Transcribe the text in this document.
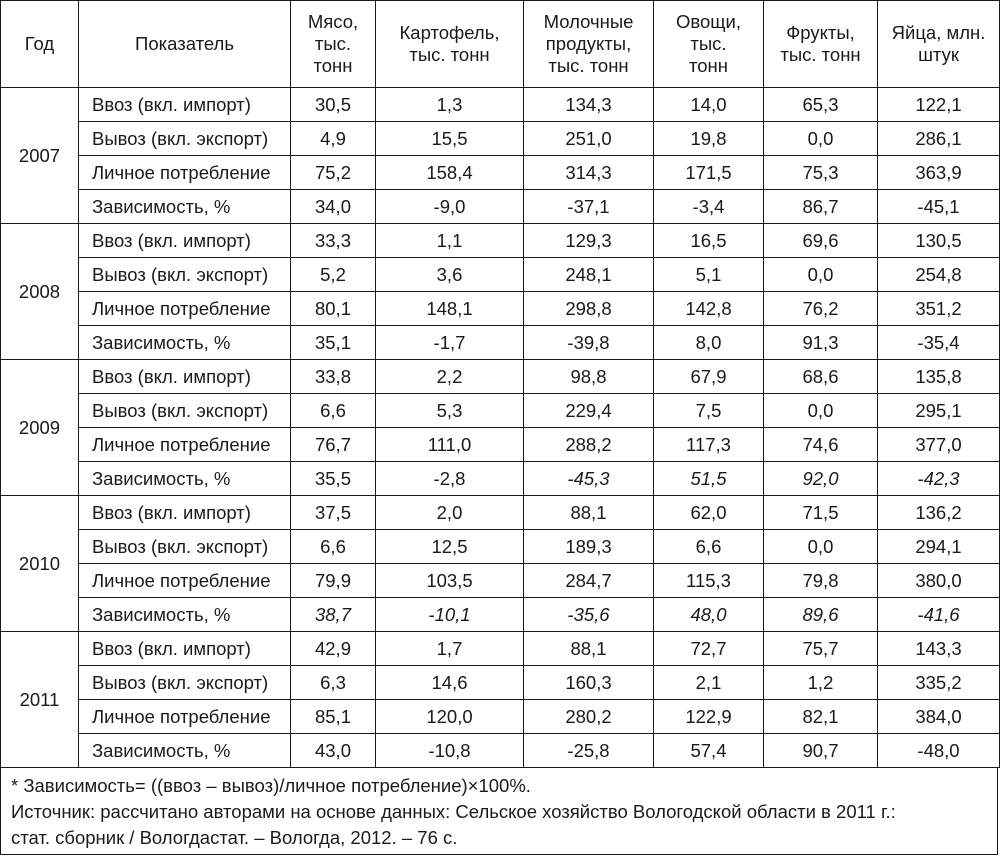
Год	Показатель	Мясо,
тыс.
тонн	Картофель,
тыс. тонн	Молочные
продукты,
тыс. тонн	Овощи,
тыс.
тонн	Фрукты,
тыс. тонн	Яйца, млн.
штук
2007	Ввоз (вкл. импорт)	30,5	1,3	134,3	14,0	65,3	122,1
	Вывоз (вкл. экспорт)	4,9	15,5	251,0	19,8	0,0	286,1
	Личное потребление	75,2	158,4	314,3	171,5	75,3	363,9
	Зависимость, %	34,0	-9,0	-37,1	-3,4	86,7	-45,1
2008	Ввоз (вкл. импорт)	33,3	1,1	129,3	16,5	69,6	130,5
	Вывоз (вкл. экспорт)	5,2	3,6	248,1	5,1	0,0	254,8
	Личное потребление	80,1	148,1	298,8	142,8	76,2	351,2
	Зависимость, %	35,1	-1,7	-39,8	8,0	91,3	-35,4
2009	Ввоз (вкл. импорт)	33,8	2,2	98,8	67,9	68,6	135,8
	Вывоз (вкл. экспорт)	6,6	5,3	229,4	7,5	0,0	295,1
	Личное потребление	76,7	111,0	288,2	117,3	74,6	377,0
	Зависимость, %	35,5	-2,8	-45,3	51,5	92,0	-42,3
2010	Ввоз (вкл. импорт)	37,5	2,0	88,1	62,0	71,5	136,2
	Вывоз (вкл. экспорт)	6,6	12,5	189,3	6,6	0,0	294,1
	Личное потребление	79,9	103,5	284,7	115,3	79,8	380,0
	Зависимость, %	38,7	-10,1	-35,6	48,0	89,6	-41,6
2011	Ввоз (вкл. импорт)	42,9	1,7	88,1	72,7	75,7	143,3
	Вывоз (вкл. экспорт)	6,3	14,6	160,3	2,1	1,2	335,2
	Личное потребление	85,1	120,0	280,2	122,9	82,1	384,0
	Зависимость, %	43,0	-10,8	-25,8	57,4	90,7	-48,0
* Зависимость= ((ввоз – вывоз)/личное потребление)×100%.
Источник: рассчитано авторами на основе данных: Сельское хозяйство Вологодской области в 2011 г.:
стат. сборник / Вологдастат. – Вологда, 2012. – 76 с.
